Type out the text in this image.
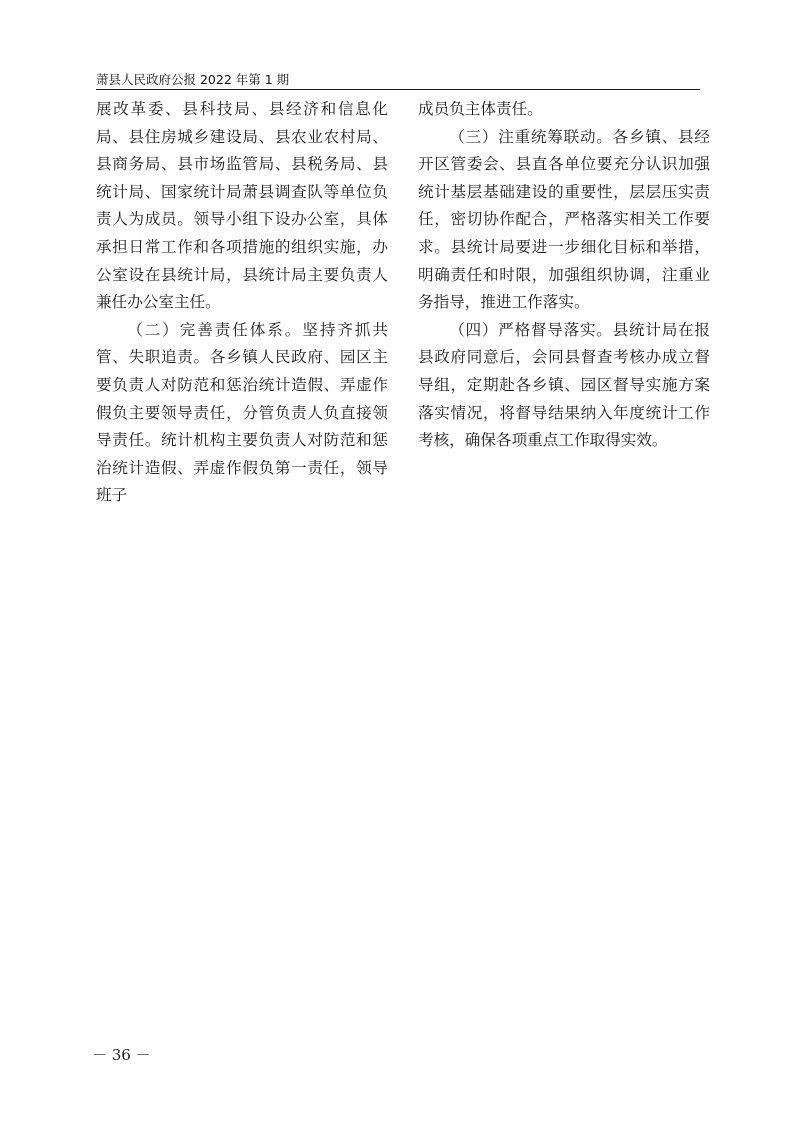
萧县人民政府公报 2022 年第 1 期

展改革委、县科技局、县经济和信息化局、县住房城乡建设局、县农业农村局、县商务局、县市场监管局、县税务局、县统计局、国家统计局萧县调查队等单位负责人为成员。领导小组下设办公室，具体承担日常工作和各项措施的组织实施，办公室设在县统计局，县统计局主要负责人兼任办公室主任。

（二）完善责任体系。坚持齐抓共管、失职追责。各乡镇人民政府、园区主要负责人对防范和惩治统计造假、弄虚作假负主要领导责任，分管负责人负直接领导责任。统计机构主要负责人对防范和惩治统计造假、弄虚作假负第一责任，领导班子

成员负主体责任。

（三）注重统筹联动。各乡镇、县经开区管委会、县直各单位要充分认识加强统计基层基础建设的重要性，层层压实责任，密切协作配合，严格落实相关工作要求。县统计局要进一步细化目标和举措，明确责任和时限，加强组织协调，注重业务指导，推进工作落实。

（四）严格督导落实。县统计局在报县政府同意后，会同县督查考核办成立督导组，定期赴各乡镇、园区督导实施方案落实情况，将督导结果纳入年度统计工作考核，确保各项重点工作取得实效。

－ 36 －
